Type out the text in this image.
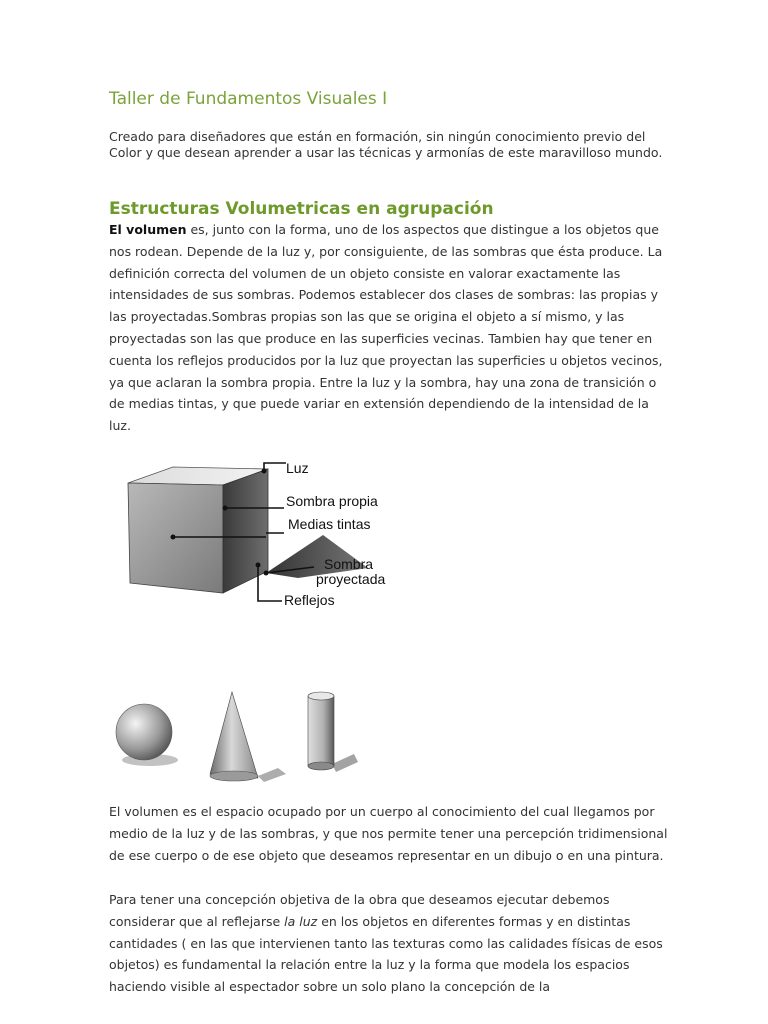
Taller de Fundamentos Visuales I

Creado para diseñadores que están en formación, sin ningún conocimiento previo del Color y que desean aprender a usar las técnicas y armonías de este maravilloso mundo.

Estructuras Volumetricas en agrupación

El volumen es, junto con la forma, uno de los aspectos que distingue a los objetos que nos rodean. Depende de la luz y, por consiguiente, de las sombras que ésta produce. La definición correcta del volumen de un objeto consiste en valorar exactamente las intensidades de sus sombras. Podemos establecer dos clases de sombras: las propias y las proyectadas.Sombras propias son las que se origina el objeto a sí mismo, y las proyectadas son las que produce en las superficies vecinas. Tambien hay que tener en cuenta los reflejos producidos por la luz que proyectan las superficies u objetos vecinos, ya que aclaran la sombra propia. Entre la luz y la sombra, hay una zona de transición o de medias tintas, y que puede variar en extensión dependiendo de la intensidad de la luz.

Luz
Sombra propia
Medias tintas
Sombra
proyectada
Reflejos

El volumen es el espacio ocupado por un cuerpo al conocimiento del cual llegamos por medio de la luz y de las sombras, y que nos permite tener una percepción tridimensional de ese cuerpo o de ese objeto que deseamos representar en un dibujo o en una pintura.

Para tener una concepción objetiva de la obra que deseamos ejecutar debemos considerar que al reflejarse la luz en los objetos en diferentes formas y en distintas cantidades ( en las que intervienen tanto las texturas como las calidades físicas de esos objetos) es fundamental la relación entre la luz y la forma que modela los espacios haciendo visible al espectador sobre un solo plano la concepción de la
